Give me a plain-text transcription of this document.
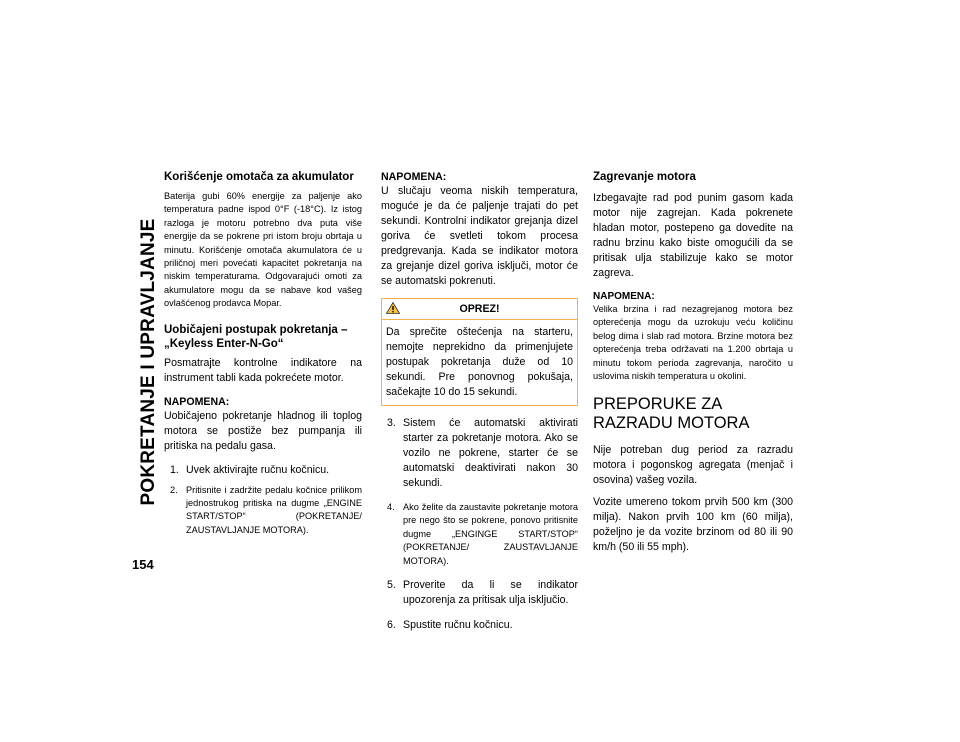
POKRETANJE I UPRAVLJANJE
154
Korišćenje omotača za akumulator

Baterija gubi 60% energije za paljenje ako temperatura padne ispod 0°F (-18°C). Iz istog razloga je motoru potrebno dva puta više energije da se pokrene pri istom broju obrtaja u minutu. Korišćenje omotača akumulatora će u priličnoj meri povećati kapacitet pokretanja na niskim temperaturama. Odgovarajući omoti za akumulatore mogu da se nabave kod vašeg ovlašćenog prodavca Mopar.

Uobičajeni postupak pokretanja – „Keyless Enter-N-Go“

Posmatrajte kontrolne indikatore na instrument tabli kada pokrećete motor.

NAPOMENA:

Uobičajeno pokretanje hladnog ili toplog motora se postiže bez pumpanja ili pritiska na pedalu gasa.

1. Uvek aktivirajte ručnu kočnicu.
2. Pritisnite i zadržite pedalu kočnice prilikom jednostrukog pritiska na dugme „ENGINE START/STOP“ (POKRETANJE/ ZAUSTAVLJANJE MOTORA).

NAPOMENA:

U slučaju veoma niskih temperatura, moguće je da će paljenje trajati do pet sekundi. Kontrolni indikator grejanja dizel goriva će svetleti tokom procesa predgrevanja. Kada se indikator motora za grejanje dizel goriva isključi, motor će se automatski pokrenuti.

OPREZ!

Da sprečite oštećenja na starteru, nemojte neprekidno da primenjujete postupak pokretanja duže od 10 sekundi. Pre ponovnog pokušaja, sačekajte 10 do 15 sekundi.

3. Sistem će automatski aktivirati starter za pokretanje motora. Ako se vozilo ne pokrene, starter će se automatski deaktivirati nakon 30 sekundi.
4. Ako želite da zaustavite pokretanje motora pre nego što se pokrene, ponovo pritisnite dugme „ENGINGE START/STOP“ (POKRETANJE/ ZAUSTAVLJANJE MOTORA).
5. Proverite da li se indikator upozorenja za pritisak ulja isključio.
6. Spustite ručnu kočnicu.
Zagrevanje motora

Izbegavajte rad pod punim gasom kada motor nije zagrejan. Kada pokrenete hladan motor, postepeno ga dovedite na radnu brzinu kako biste omogućili da se pritisak ulja stabilizuje kako se motor zagreva.

NAPOMENA:

Velika brzina i rad nezagrejanog motora bez opterećenja mogu da uzrokuju veću količinu belog dima i slab rad motora. Brzine motora bez opterećenja treba održavati na 1.200 obrtaja u minutu tokom perioda zagrevanja, naročito u uslovima niskih temperatura u okolini.

PREPORUKE ZA RAZRADU MOTORA

Nije potreban dug period za razradu motora i pogonskog agregata (menjač i osovina) vašeg vozila.

Vozite umereno tokom prvih 500 km (300 milja). Nakon prvih 100 km (60 milja), poželjno je da vozite brzinom od 80 ili 90 km/h (50 ili 55 mph).
